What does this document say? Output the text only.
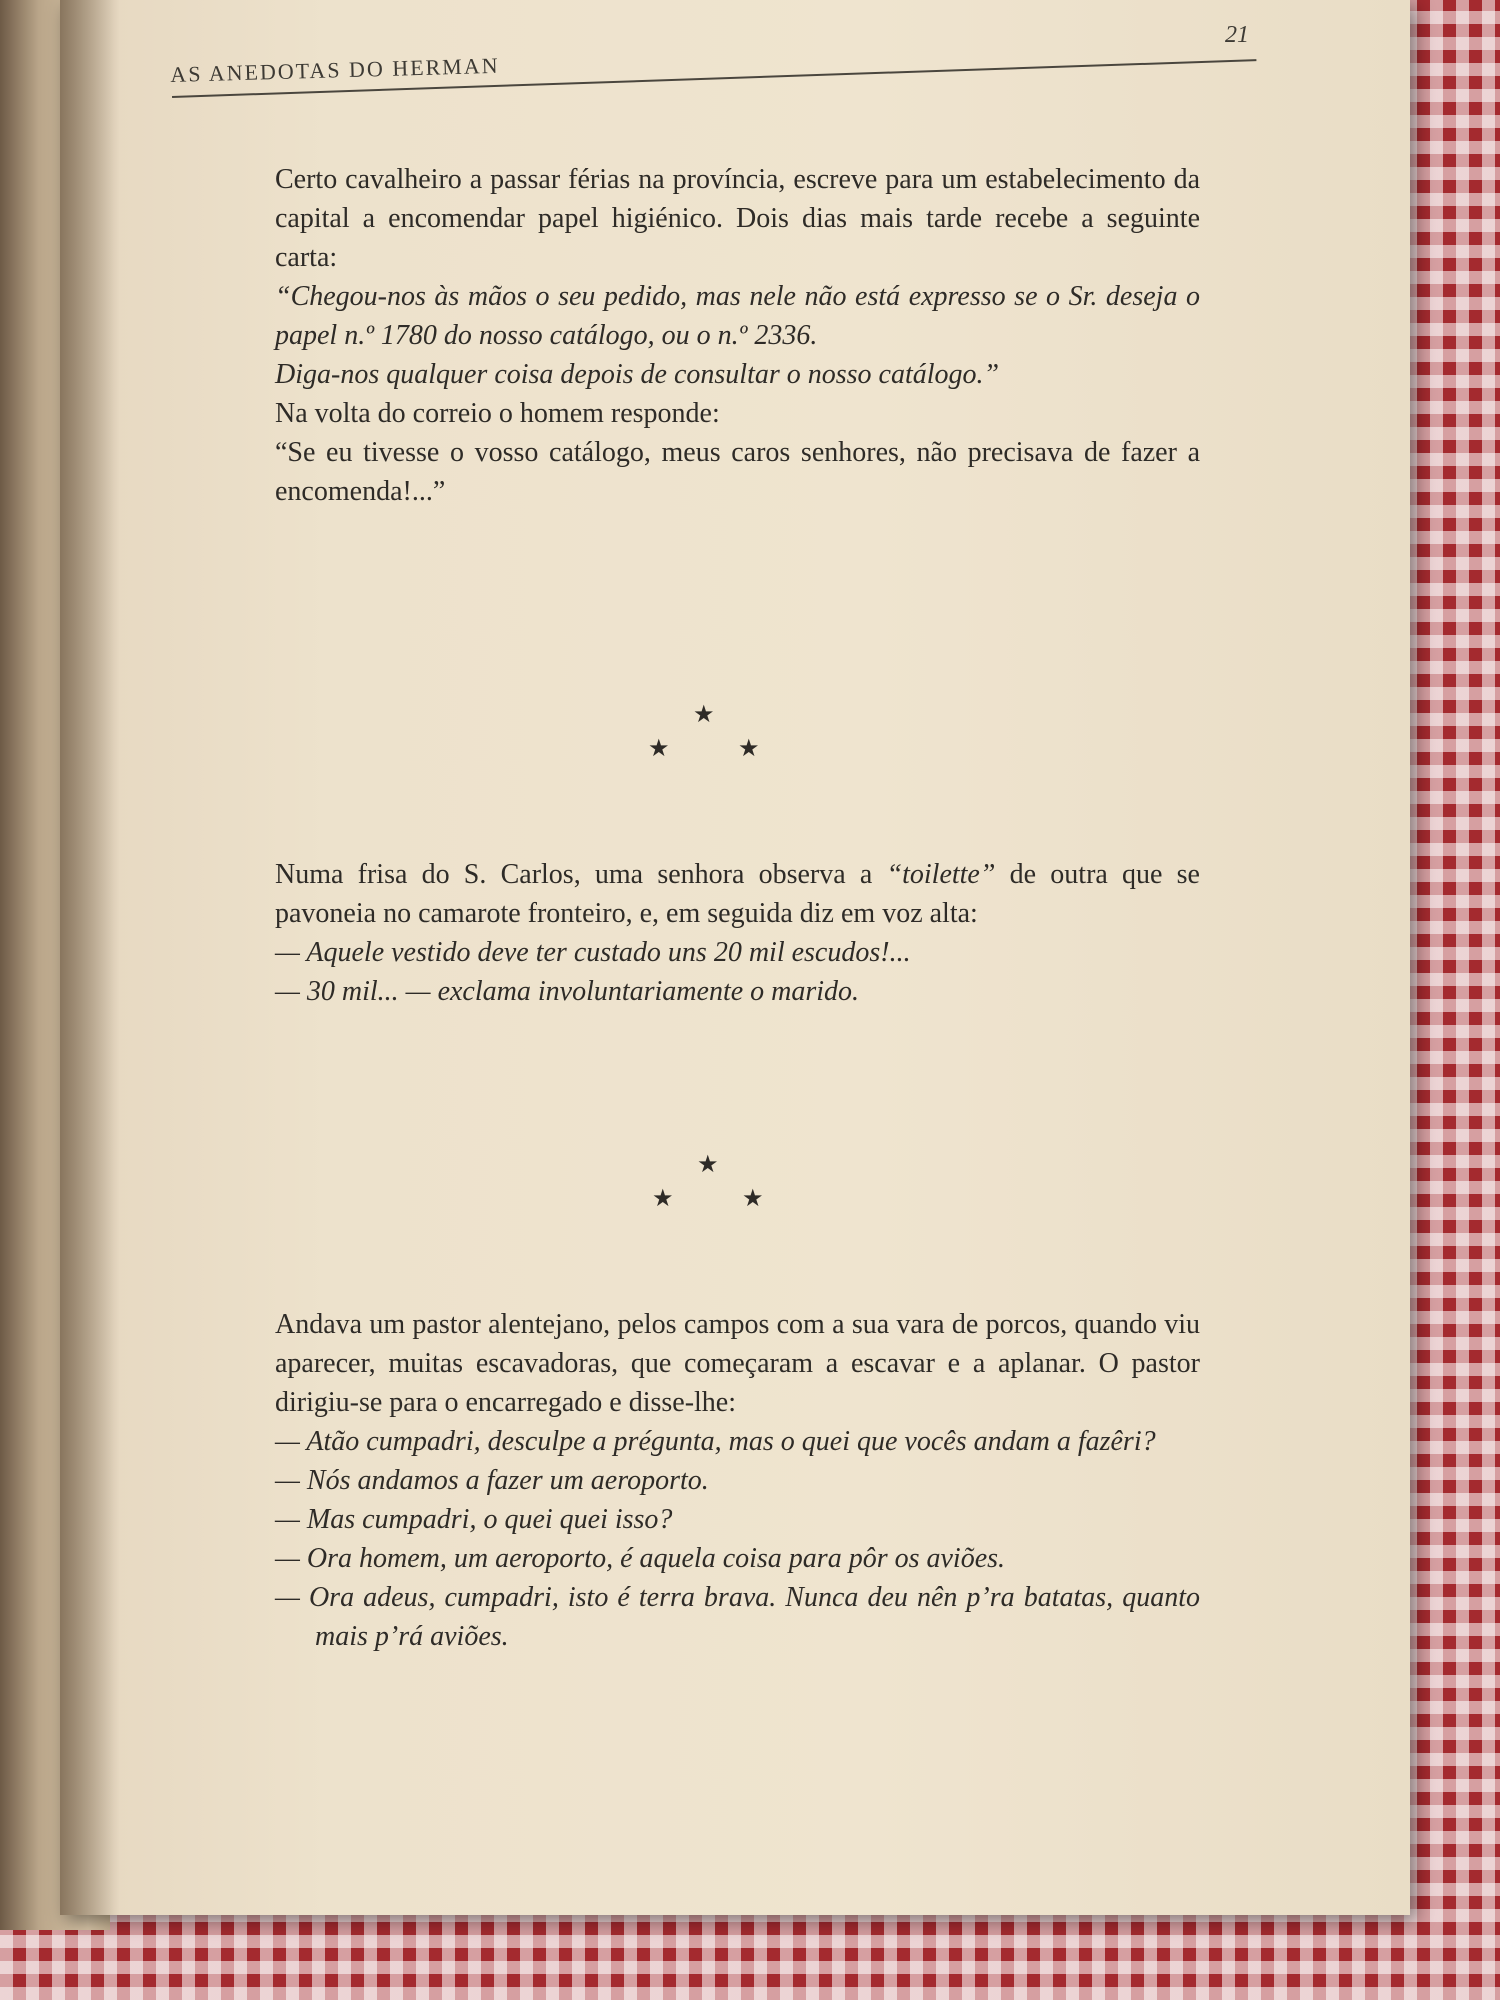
AS ANEDOTAS DO HERMAN
21

Certo cavalheiro a passar férias na província, escreve para um estabelecimento da capital a encomendar papel higiénico. Dois dias mais tarde recebe a seguinte carta:

“Chegou-nos às mãos o seu pedido, mas nele não está expresso se o Sr. deseja o papel n.º 1780 do nosso catálogo, ou o n.º 2336.

Diga-nos qualquer coisa depois de consultar o nosso catálogo.”

Na volta do correio o homem responde:

“Se eu tivesse o vosso catálogo, meus caros senhores, não precisava de fazer a encomenda!...”

★
★	★

Numa frisa do S. Carlos, uma senhora observa a “toilette” de outra que se pavoneia no camarote fronteiro, e, em seguida diz em voz alta:

— Aquele vestido deve ter custado uns 20 mil escudos!...

— 30 mil... — exclama involuntariamente o marido.

★
★	★

Andava um pastor alentejano, pelos campos com a sua vara de porcos, quando viu aparecer, muitas escavadoras, que começaram a escavar e a aplanar. O pastor dirigiu-se para o encarregado e disse-lhe:

— Atão cumpadri, desculpe a prégunta, mas o quei que vocês andam a fazêri?

— Nós andamos a fazer um aeroporto.

— Mas cumpadri, o quei quei isso?

— Ora homem, um aeroporto, é aquela coisa para pôr os aviões.

— Ora adeus, cumpadri, isto é terra brava. Nunca deu nên p’ra batatas, quanto mais p’rá aviões.
